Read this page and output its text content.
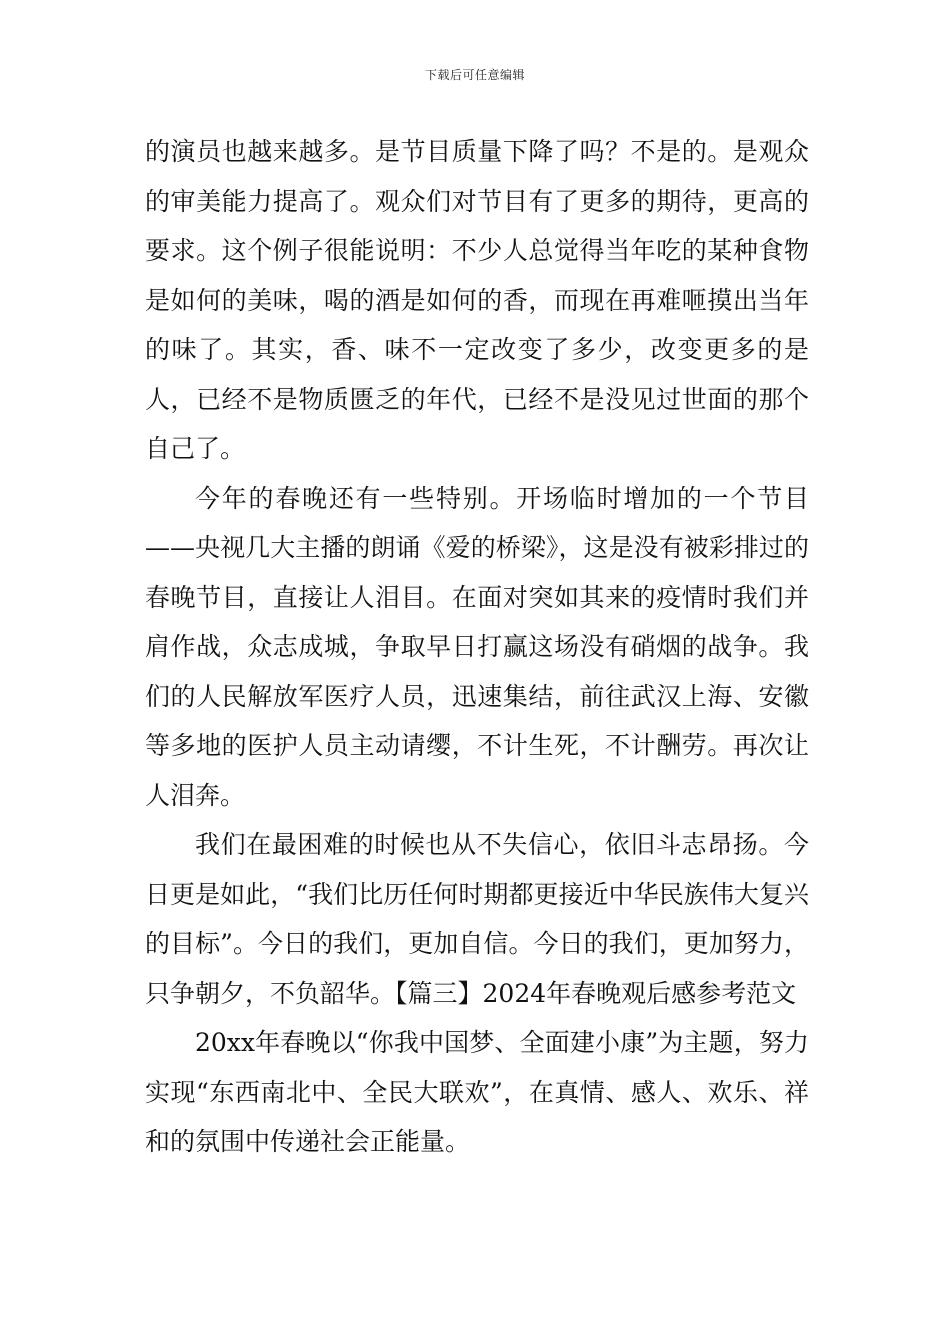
下载后可任意编辑

的演员也越来越多。是节目质量下降了吗？不是的。是观众的审美能力提高了。观众们对节目有了更多的期待，更高的要求。这个例子很能说明：不少人总觉得当年吃的某种食物是如何的美味，喝的酒是如何的香，而现在再难咂摸出当年的味了。其实，香、味不一定改变了多少，改变更多的是人，已经不是物质匮乏的年代，已经不是没见过世面的那个自己了。

今年的春晚还有一些特别。开场临时增加的一个节目——央视几大主播的朗诵《爱的桥梁》，这是没有被彩排过的春晚节目，直接让人泪目。在面对突如其来的疫情时我们并肩作战，众志成城，争取早日打赢这场没有硝烟的战争。我们的人民解放军医疗人员，迅速集结，前往武汉上海、安徽等多地的医护人员主动请缨，不计生死，不计酬劳。再次让人泪奔。

我们在最困难的时候也从不失信心，依旧斗志昂扬。今日更是如此，“我们比历任何时期都更接近中华民族伟大复兴的目标”。今日的我们，更加自信。今日的我们，更加努力，只争朝夕，不负韶华。【篇三】2024年春晚观后感参考范文

20xx年春晚以“你我中国梦、全面建小康”为主题，努力实现“东西南北中、全民大联欢”，在真情、感人、欢乐、祥和的氛围中传递社会正能量。
